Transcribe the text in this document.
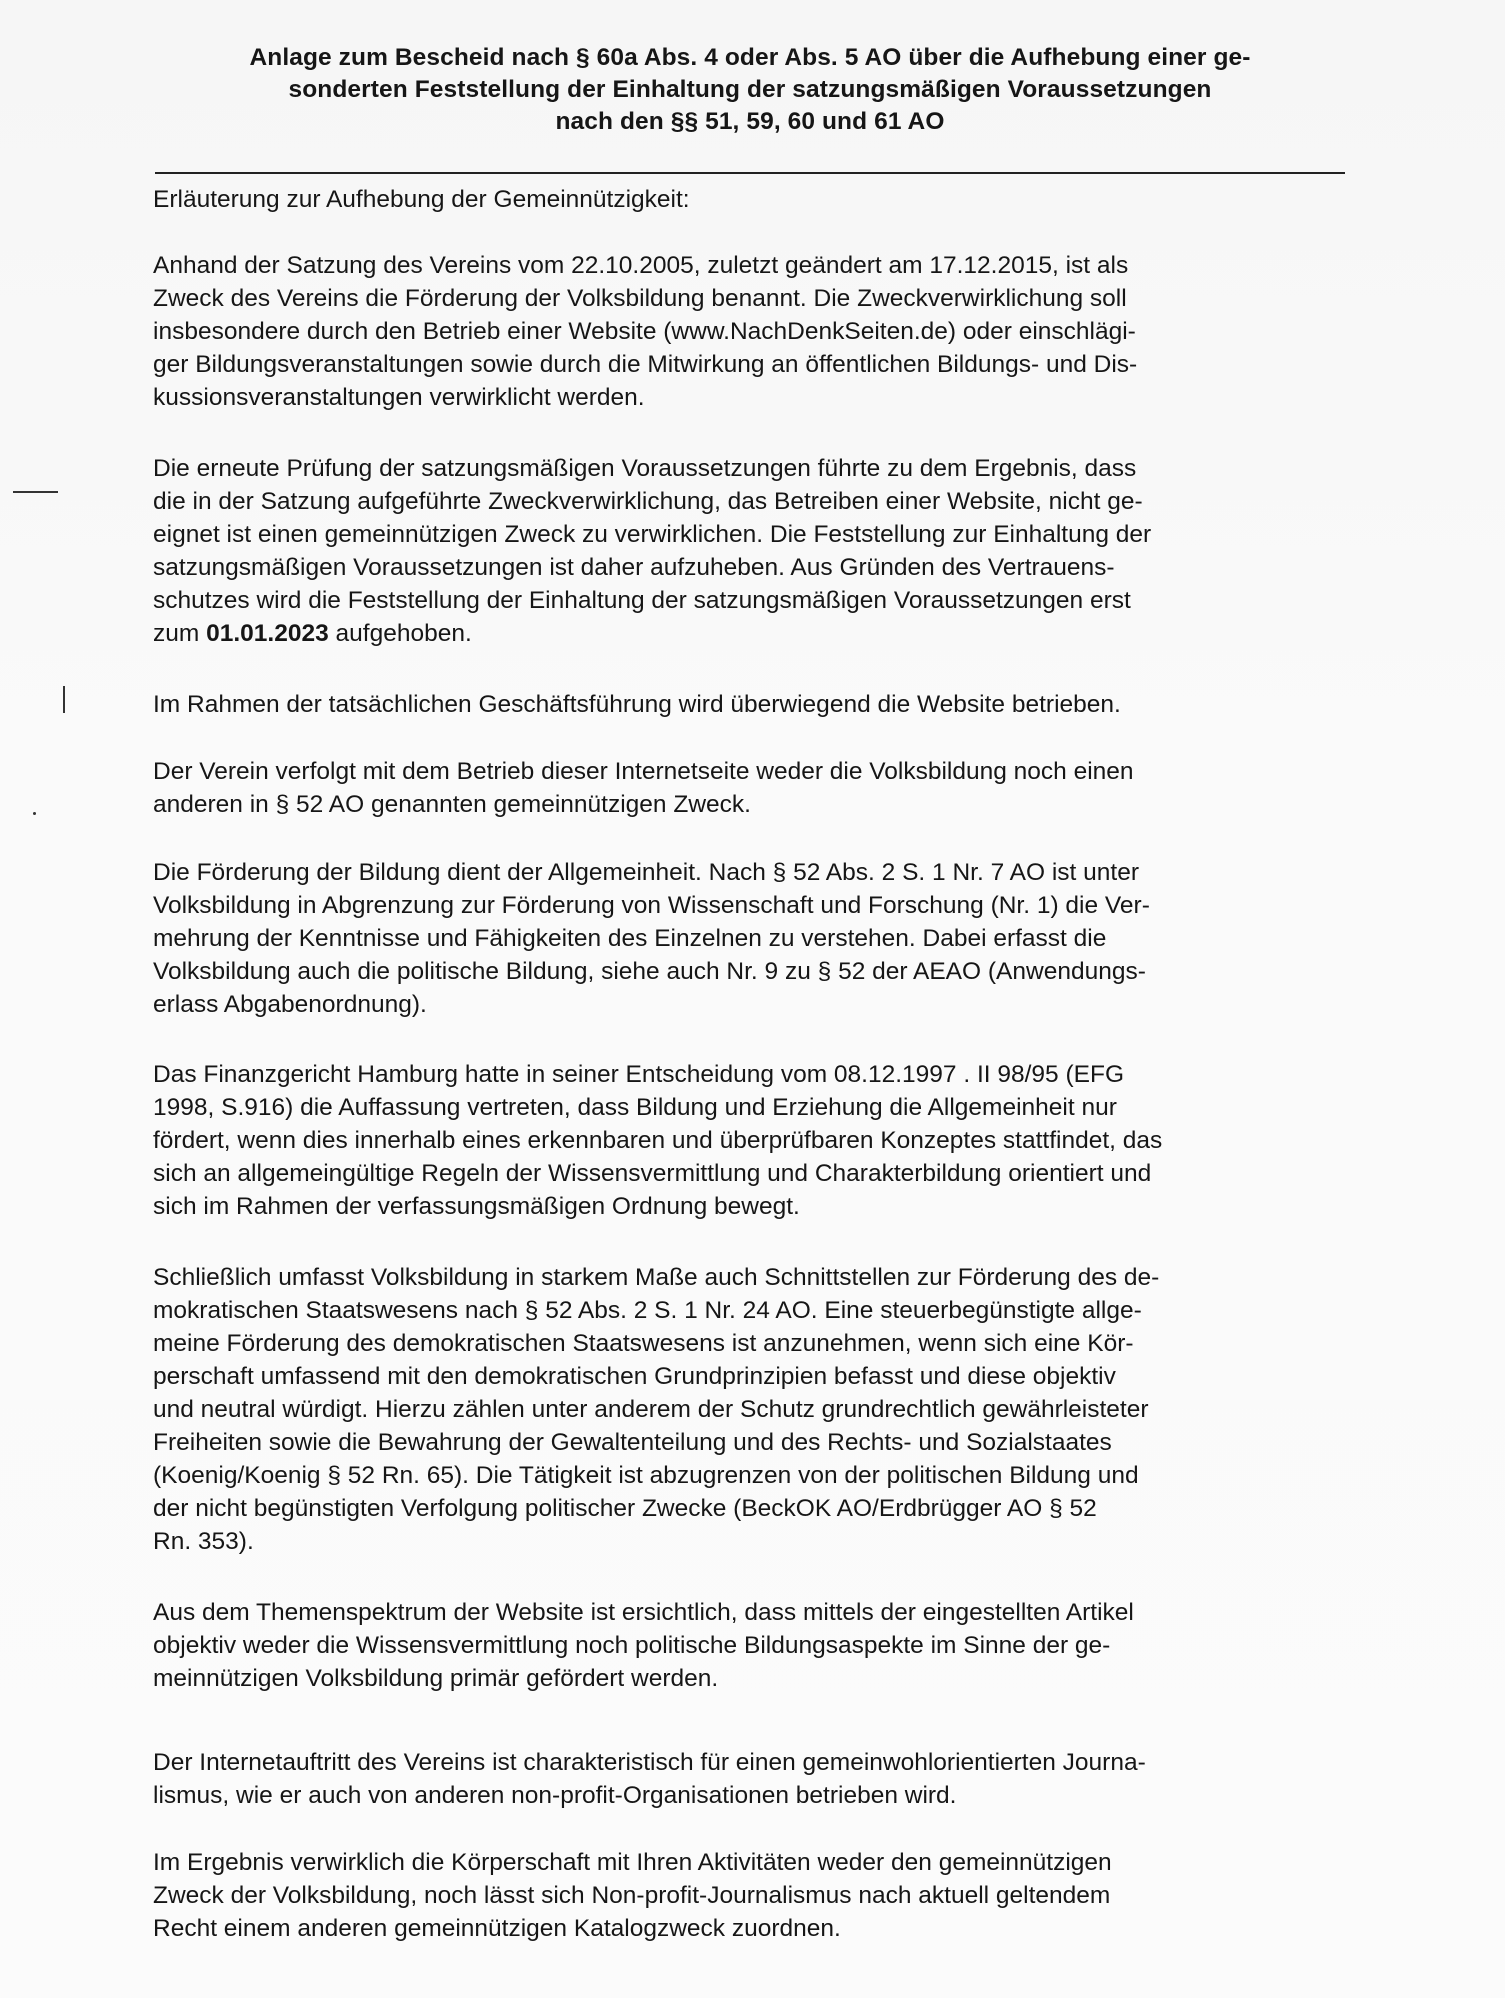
Anlage zum Bescheid nach § 60a Abs. 4 oder Abs. 5 AO über die Aufhebung einer ge-
sonderten Feststellung der Einhaltung der satzungsmäßigen Voraussetzungen
nach den §§ 51, 59, 60 und 61 AO
Erläuterung zur Aufhebung der Gemeinnützigkeit:
Anhand der Satzung des Vereins vom 22.10.2005, zuletzt geändert am 17.12.2015, ist als
Zweck des Vereins die Förderung der Volksbildung benannt. Die Zweckverwirklichung soll
insbesondere durch den Betrieb einer Website (www.NachDenkSeiten.de) oder einschlägi-
ger Bildungsveranstaltungen sowie durch die Mitwirkung an öffentlichen Bildungs- und Dis-
kussionsveranstaltungen verwirklicht werden.
Die erneute Prüfung der satzungsmäßigen Voraussetzungen führte zu dem Ergebnis, dass
die in der Satzung aufgeführte Zweckverwirklichung, das Betreiben einer Website, nicht ge-
eignet ist einen gemeinnützigen Zweck zu verwirklichen. Die Feststellung zur Einhaltung der
satzungsmäßigen Voraussetzungen ist daher aufzuheben. Aus Gründen des Vertrauens-
schutzes wird die Feststellung der Einhaltung der satzungsmäßigen Voraussetzungen erst
zum 01.01.2023 aufgehoben.
Im Rahmen der tatsächlichen Geschäftsführung wird überwiegend die Website betrieben.
Der Verein verfolgt mit dem Betrieb dieser Internetseite weder die Volksbildung noch einen
anderen in § 52 AO genannten gemeinnützigen Zweck.
Die Förderung der Bildung dient der Allgemeinheit. Nach § 52 Abs. 2 S. 1 Nr. 7 AO ist unter
Volksbildung in Abgrenzung zur Förderung von Wissenschaft und Forschung (Nr. 1) die Ver-
mehrung der Kenntnisse und Fähigkeiten des Einzelnen zu verstehen. Dabei erfasst die
Volksbildung auch die politische Bildung, siehe auch Nr. 9 zu § 52 der AEAO (Anwendungs-
erlass Abgabenordnung).
Das Finanzgericht Hamburg hatte in seiner Entscheidung vom 08.12.1997 . II 98/95 (EFG
1998, S.916) die Auffassung vertreten, dass Bildung und Erziehung die Allgemeinheit nur
fördert, wenn dies innerhalb eines erkennbaren und überprüfbaren Konzeptes stattfindet, das
sich an allgemeingültige Regeln der Wissensvermittlung und Charakterbildung orientiert und
sich im Rahmen der verfassungsmäßigen Ordnung bewegt.
Schließlich umfasst Volksbildung in starkem Maße auch Schnittstellen zur Förderung des de-
mokratischen Staatswesens nach § 52 Abs. 2 S. 1 Nr. 24 AO. Eine steuerbegünstigte allge-
meine Förderung des demokratischen Staatswesens ist anzunehmen, wenn sich eine Kör-
perschaft umfassend mit den demokratischen Grundprinzipien befasst und diese objektiv
und neutral würdigt. Hierzu zählen unter anderem der Schutz grundrechtlich gewährleisteter
Freiheiten sowie die Bewahrung der Gewaltenteilung und des Rechts- und Sozialstaates
(Koenig/Koenig § 52 Rn. 65). Die Tätigkeit ist abzugrenzen von der politischen Bildung und
der nicht begünstigten Verfolgung politischer Zwecke (BeckOK AO/Erdbrügger AO § 52
Rn. 353).
Aus dem Themenspektrum der Website ist ersichtlich, dass mittels der eingestellten Artikel
objektiv weder die Wissensvermittlung noch politische Bildungsaspekte im Sinne der ge-
meinnützigen Volksbildung primär gefördert werden.
Der Internetauftritt des Vereins ist charakteristisch für einen gemeinwohlorientierten Journa-
lismus, wie er auch von anderen non-profit-Organisationen betrieben wird.
Im Ergebnis verwirklich die Körperschaft mit Ihren Aktivitäten weder den gemeinnützigen
Zweck der Volksbildung, noch lässt sich Non-profit-Journalismus nach aktuell geltendem
Recht einem anderen gemeinnützigen Katalogzweck zuordnen.
